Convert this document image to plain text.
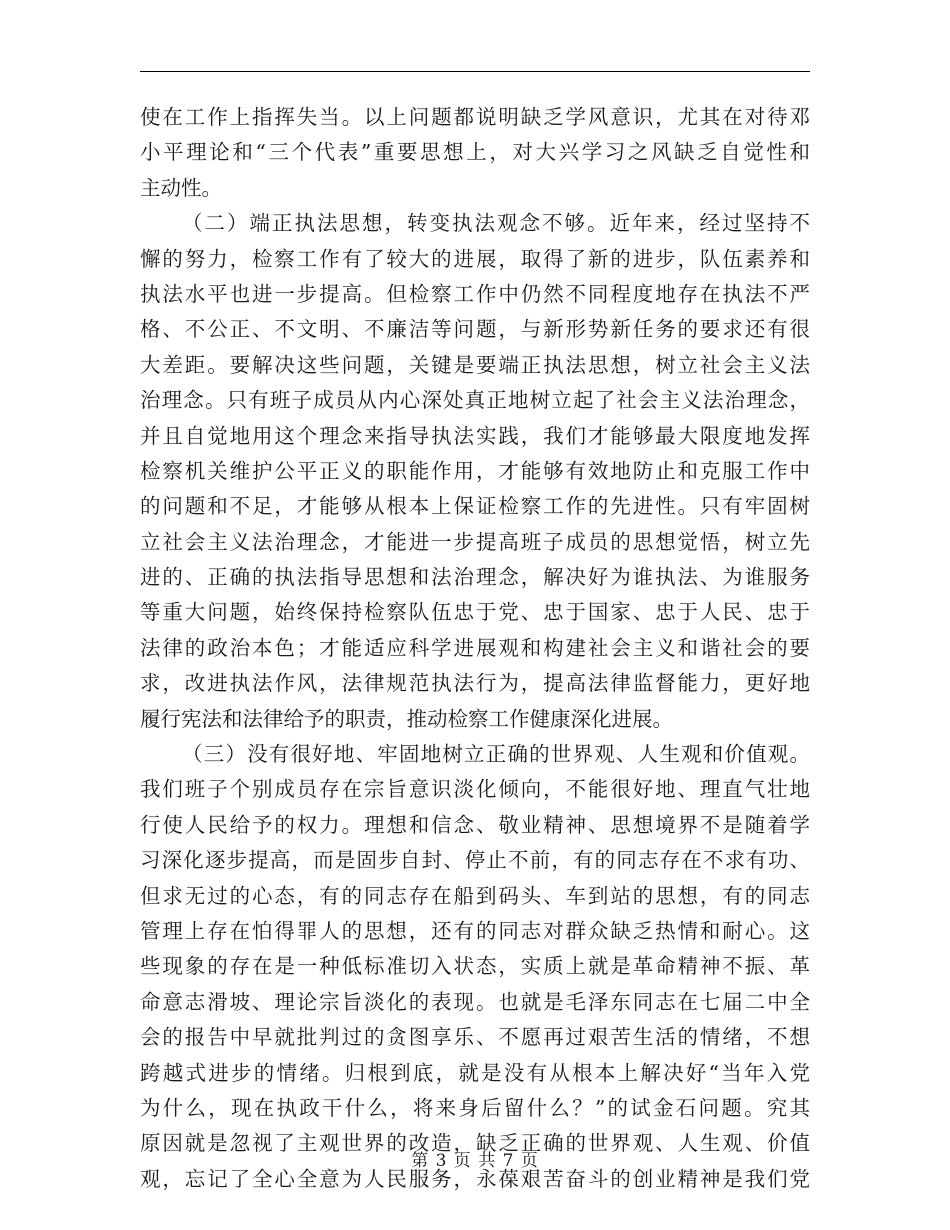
使在工作上指挥失当。以上问题都说明缺乏学风意识，尤其在对待邓
小平理论和“三个代表”重要思想上，对大兴学习之风缺乏自觉性和
主动性。
（二）端正执法思想，转变执法观念不够。近年来，经过坚持不
懈的努力，检察工作有了较大的进展，取得了新的进步，队伍素养和
执法水平也进一步提高。但检察工作中仍然不同程度地存在执法不严
格、不公正、不文明、不廉洁等问题，与新形势新任务的要求还有很
大差距。要解决这些问题，关键是要端正执法思想，树立社会主义法
治理念。只有班子成员从内心深处真正地树立起了社会主义法治理念，
并且自觉地用这个理念来指导执法实践，我们才能够最大限度地发挥
检察机关维护公平正义的职能作用，才能够有效地防止和克服工作中
的问题和不足，才能够从根本上保证检察工作的先进性。只有牢固树
立社会主义法治理念，才能进一步提高班子成员的思想觉悟，树立先
进的、正确的执法指导思想和法治理念，解决好为谁执法、为谁服务
等重大问题，始终保持检察队伍忠于党、忠于国家、忠于人民、忠于
法律的政治本色；才能适应科学进展观和构建社会主义和谐社会的要
求，改进执法作风，法律规范执法行为，提高法律监督能力，更好地
履行宪法和法律给予的职责，推动检察工作健康深化进展。
（三）没有很好地、牢固地树立正确的世界观、人生观和价值观。
我们班子个别成员存在宗旨意识淡化倾向，不能很好地、理直气壮地
行使人民给予的权力。理想和信念、敬业精神、思想境界不是随着学
习深化逐步提高，而是固步自封、停止不前，有的同志存在不求有功、
但求无过的心态，有的同志存在船到码头、车到站的思想，有的同志
管理上存在怕得罪人的思想，还有的同志对群众缺乏热情和耐心。这
些现象的存在是一种低标准切入状态，实质上就是革命精神不振、革
命意志滑坡、理论宗旨淡化的表现。也就是毛泽东同志在七届二中全
会的报告中早就批判过的贪图享乐、不愿再过艰苦生活的情绪，不想
跨越式进步的情绪。归根到底，就是没有从根本上解决好“当年入党
为什么，现在执政干什么，将来身后留什么？”的试金石问题。究其
原因就是忽视了主观世界的改造，缺乏正确的世界观、人生观、价值
观，忘记了全心全意为人民服务，永葆艰苦奋斗的创业精神是我们党
第 3 页 共 7 页
